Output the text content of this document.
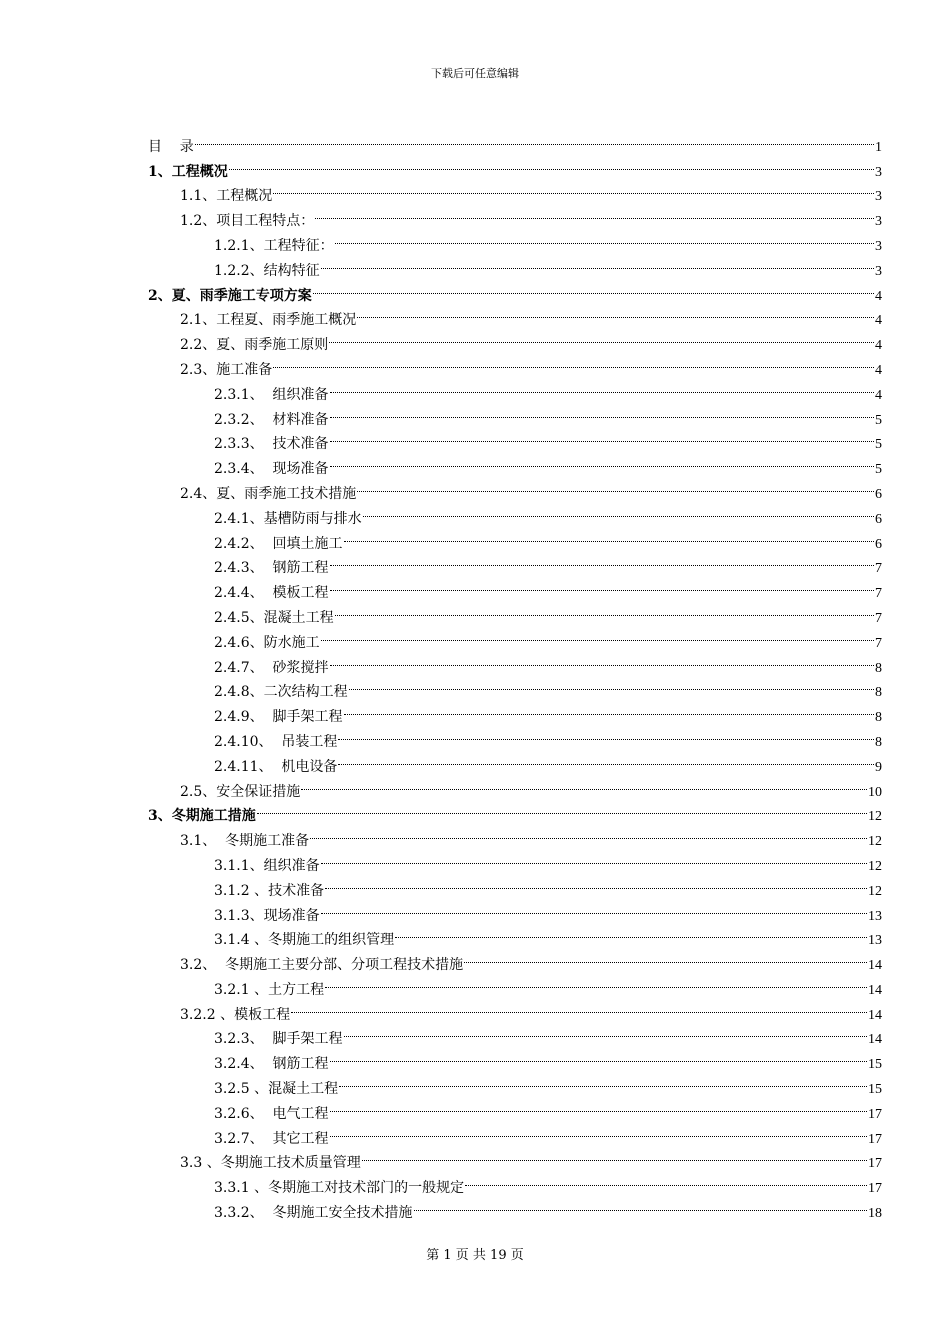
下载后可任意编辑
目    录	1
1、工程概况	3
1.1、工程概况	3
1.2、项目工程特点：	3
1.2.1、工程特征：	3
1.2.2、结构特征	3
2、夏、雨季施工专项方案	4
2.1、工程夏、雨季施工概况	4
2.2、夏、雨季施工原则	4
2.3、施工准备	4
2.3.1、  组织准备	4
2.3.2、  材料准备	5
2.3.3、  技术准备	5
2.3.4、  现场准备	5
2.4、夏、雨季施工技术措施	6
2.4.1、基槽防雨与排水	6
2.4.2、  回填土施工	6
2.4.3、  钢筋工程	7
2.4.4、  模板工程	7
2.4.5、混凝土工程	7
2.4.6、防水施工	7
2.4.7、  砂浆搅拌	8
2.4.8、二次结构工程	8
2.4.9、  脚手架工程	8
2.4.10、  吊装工程	8
2.4.11、  机电设备	9
2.5、安全保证措施	10
3、冬期施工措施	12
3.1、  冬期施工准备	12
3.1.1、组织准备	12
3.1.2 、技术准备	12
3.1.3、现场准备	13
3.1.4 、冬期施工的组织管理	13
3.2、  冬期施工主要分部、分项工程技术措施	14
3.2.1 、土方工程	14
3.2.2 、模板工程	14
3.2.3、  脚手架工程	14
3.2.4、  钢筋工程	15
3.2.5 、混凝土工程	15
3.2.6、  电气工程	17
3.2.7、  其它工程	17
3.3 、冬期施工技术质量管理	17
3.3.1 、冬期施工对技术部门的一般规定	17
3.3.2、  冬期施工安全技术措施	18
第 1 页 共 19 页
